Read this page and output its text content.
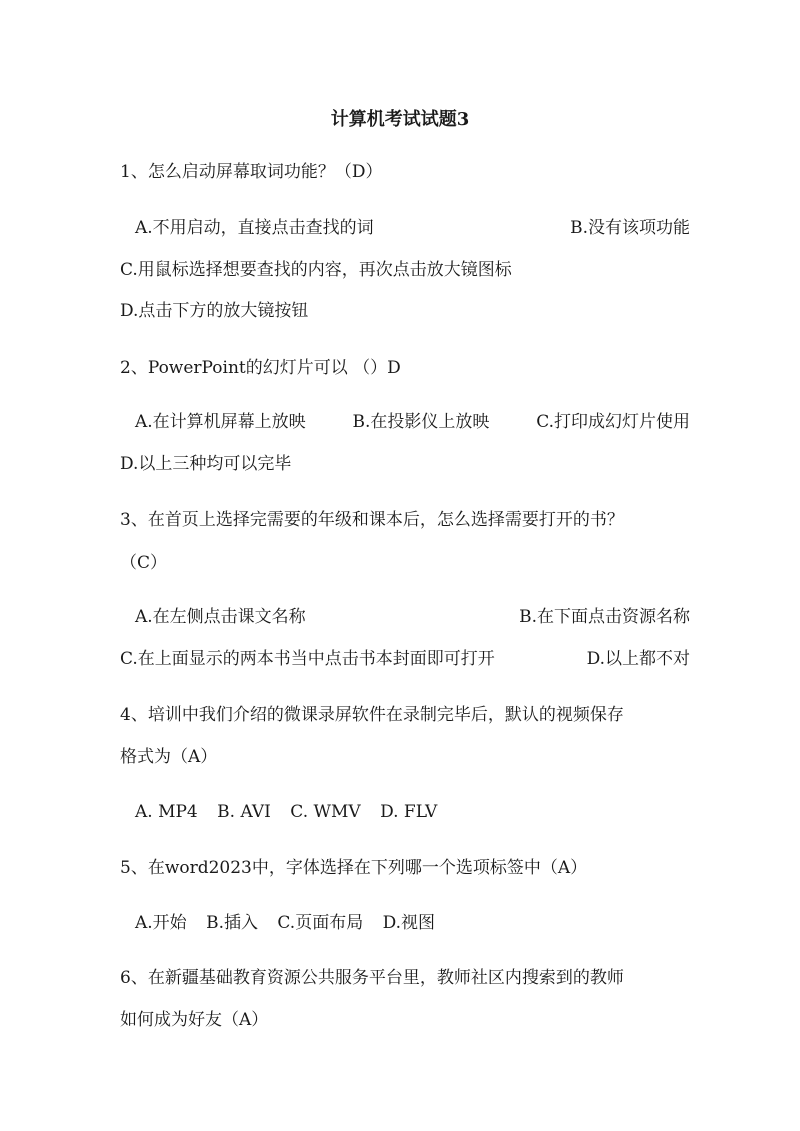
计算机考试试题3
1、怎么启动屏幕取词功能？（D）
A.不用启动，直接点击查找的词	B.没有该项功能
C.用鼠标选择想要查找的内容，再次点击放大镜图标
D.点击下方的放大镜按钮
2、PowerPoint的幻灯片可以 （）D
A.在计算机屏幕上放映	B.在投影仪上放映	C.打印成幻灯片使用
D.以上三种均可以完毕
3、在首页上选择完需要的年级和课本后，怎么选择需要打开的书？
（C）
A.在左侧点击课文名称	B.在下面点击资源名称
C.在上面显示的两本书当中点击书本封面即可打开	D.以上都不对
4、培训中我们介绍的微课录屏软件在录制完毕后，默认的视频保存
格式为（A）
A. MP4 B. AVI C. WMV D. FLV
5、在word2023中，字体选择在下列哪一个选项标签中（A）
A.开始 B.插入 C.页面布局 D.视图
6、在新疆基础教育资源公共服务平台里，教师社区内搜索到的教师
如何成为好友（A）
